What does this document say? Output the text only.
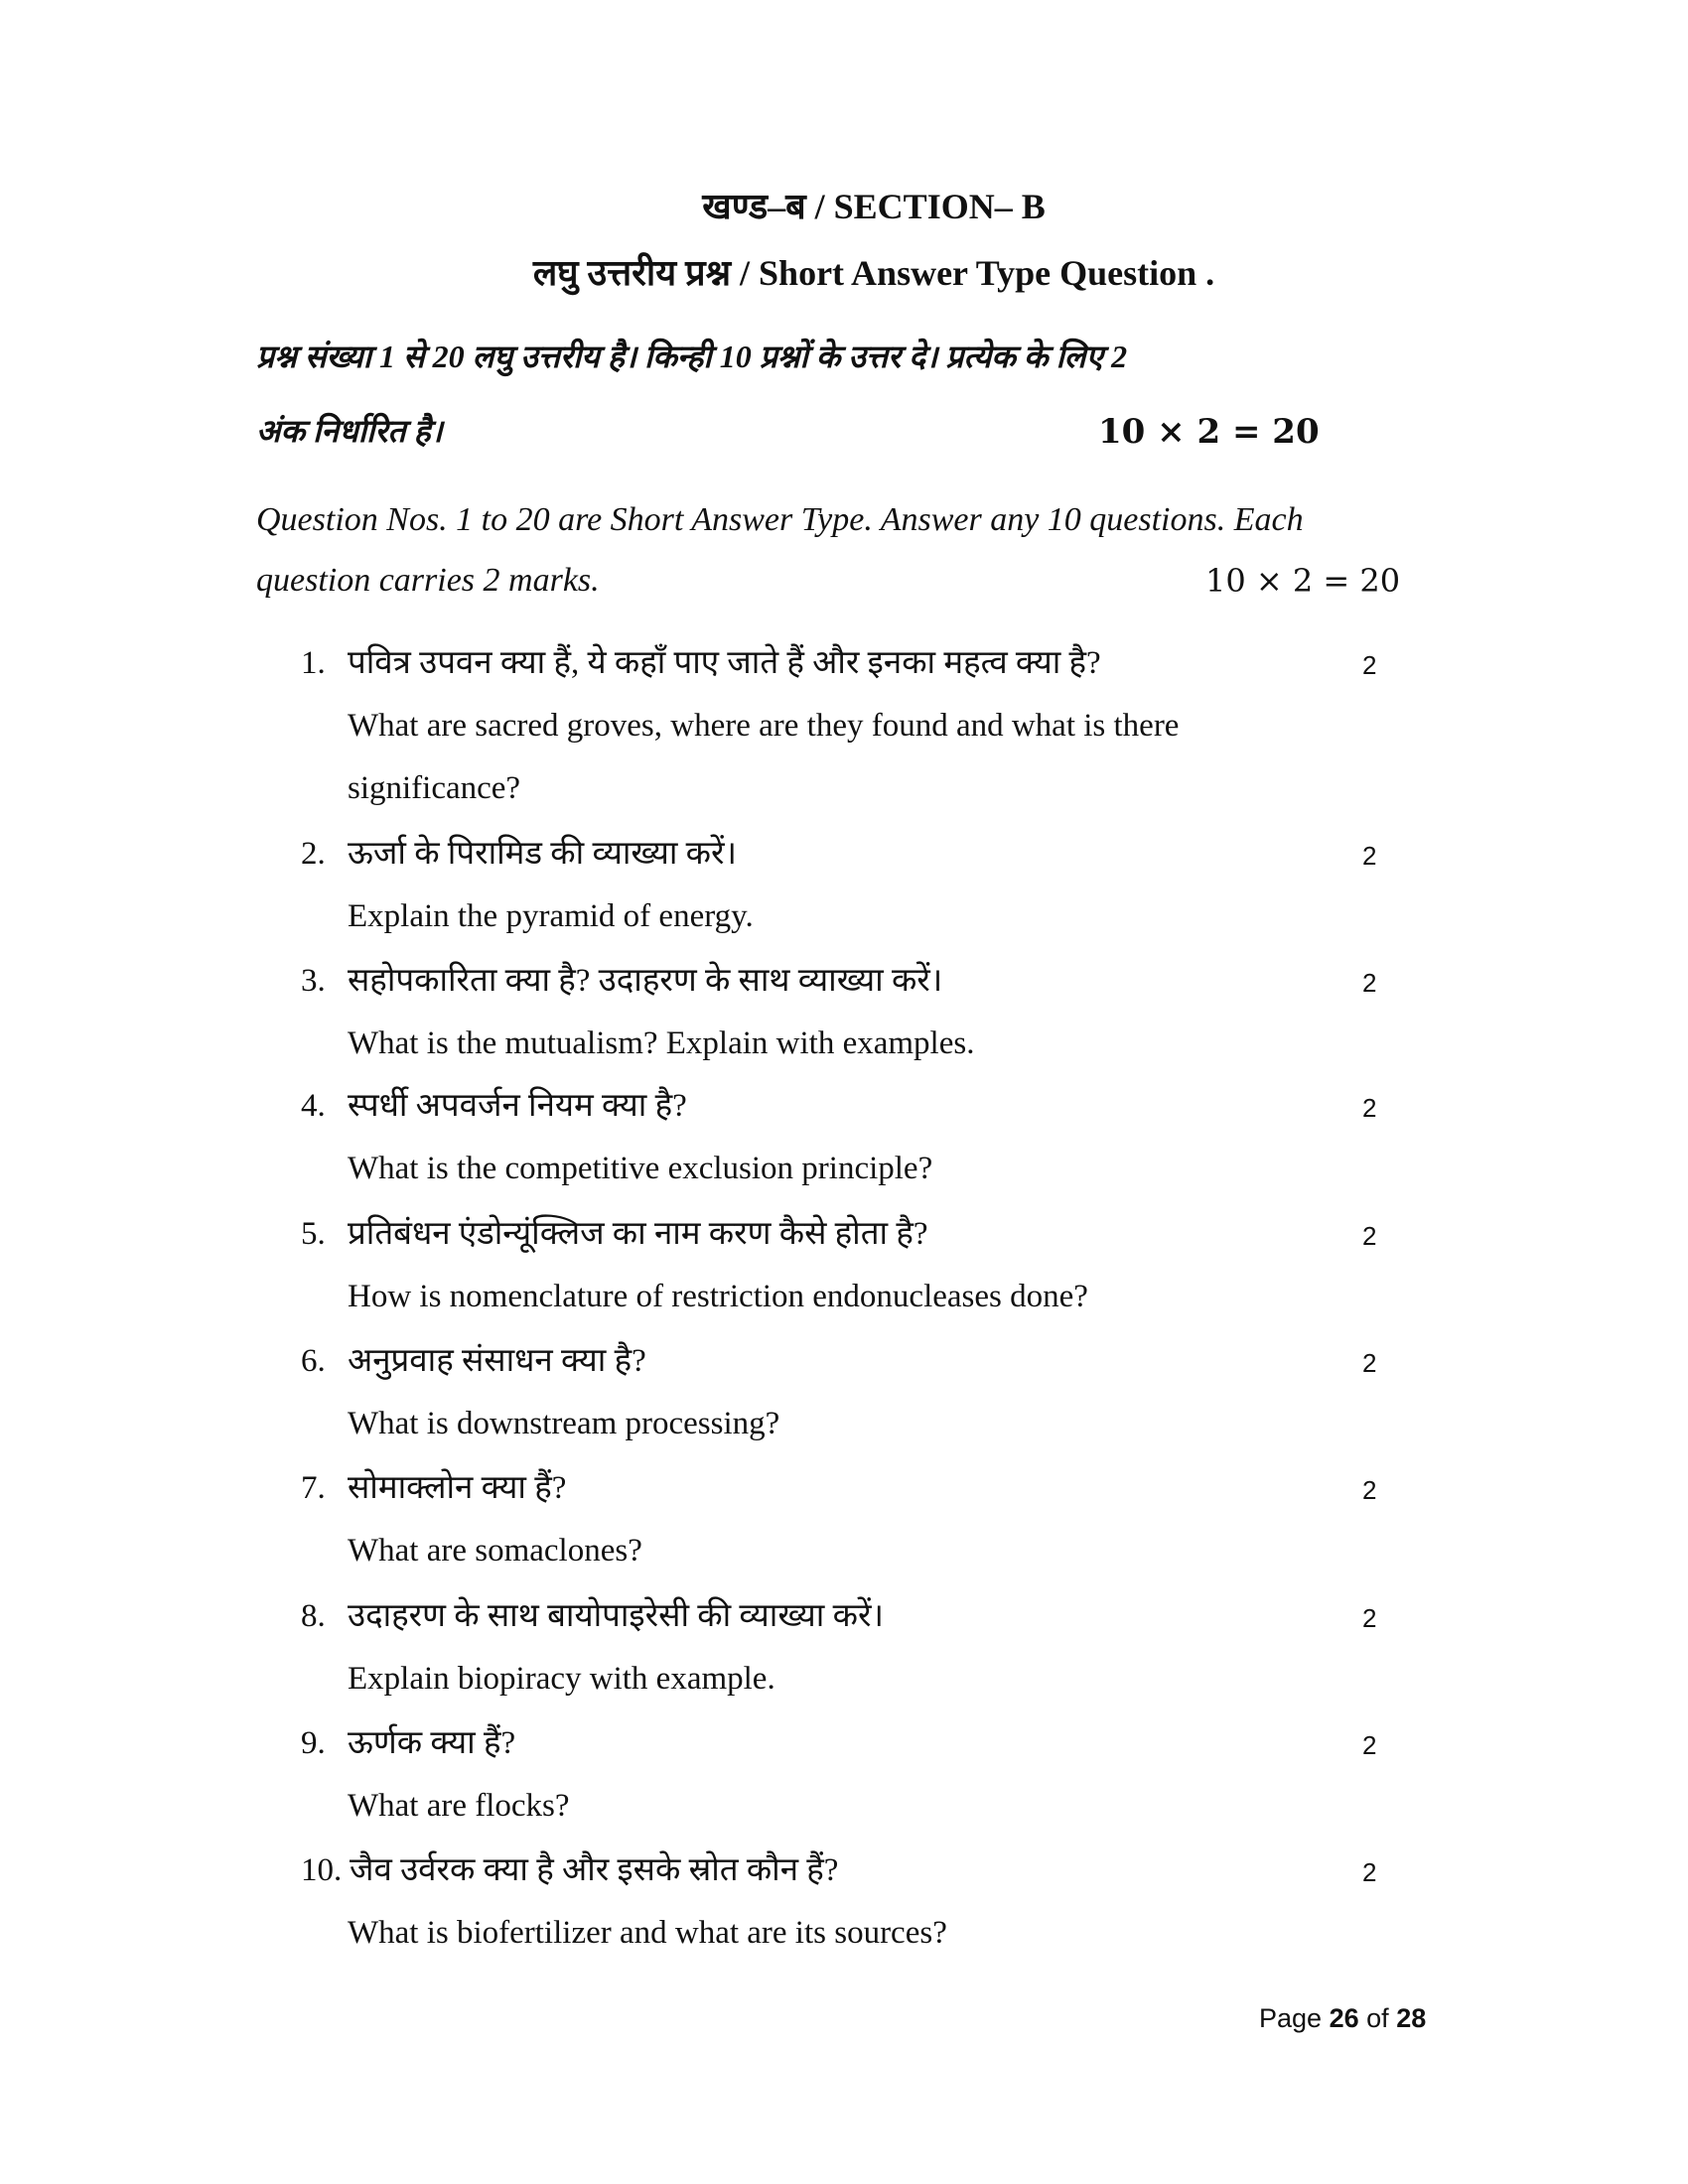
खण्ड–ब / SECTION– B
लघु उत्तरीय प्रश्न / Short Answer Type Question .
प्रश्न संख्या 1 से 20 लघु उत्तरीय है। किन्ही 10 प्रश्नों के उत्तर दे। प्रत्येक के लिए 2
अंक निर्धारित है।	10 × 2 = 20
Question Nos. 1 to 20 are Short Answer Type. Answer any 10 questions. Each
question carries 2 marks.	10 × 2 = 20
1. पवित्र उपवन क्या हैं, ये कहाँ पाए जाते हैं और इनका महत्व क्या है?	2
What are sacred groves, where are they found and what is there significance?
2. ऊर्जा के पिरामिड की व्याख्या करें।	2
Explain the pyramid of energy.
3. सहोपकारिता क्या है? उदाहरण के साथ व्याख्या करें।	2
What is the mutualism? Explain with examples.
4. स्पर्धी अपवर्जन नियम क्या है?	2
What is the competitive exclusion principle?
5. प्रतिबंधन एंडोन्यूंक्लिज का नाम करण कैसे होता है?	2
How is nomenclature of restriction endonucleases done?
6. अनुप्रवाह संसाधन क्या है?	2
What is downstream processing?
7. सोमाक्लोन क्या हैं?	2
What are somaclones?
8. उदाहरण के साथ बायोपाइरेसी की व्याख्या करें।	2
Explain biopiracy with example.
9. ऊर्णक क्या हैं?	2
What are flocks?
10. जैव उर्वरक क्या है और इसके स्रोत कौन हैं?	2
What is biofertilizer and what are its sources?
Page 26 of 28
